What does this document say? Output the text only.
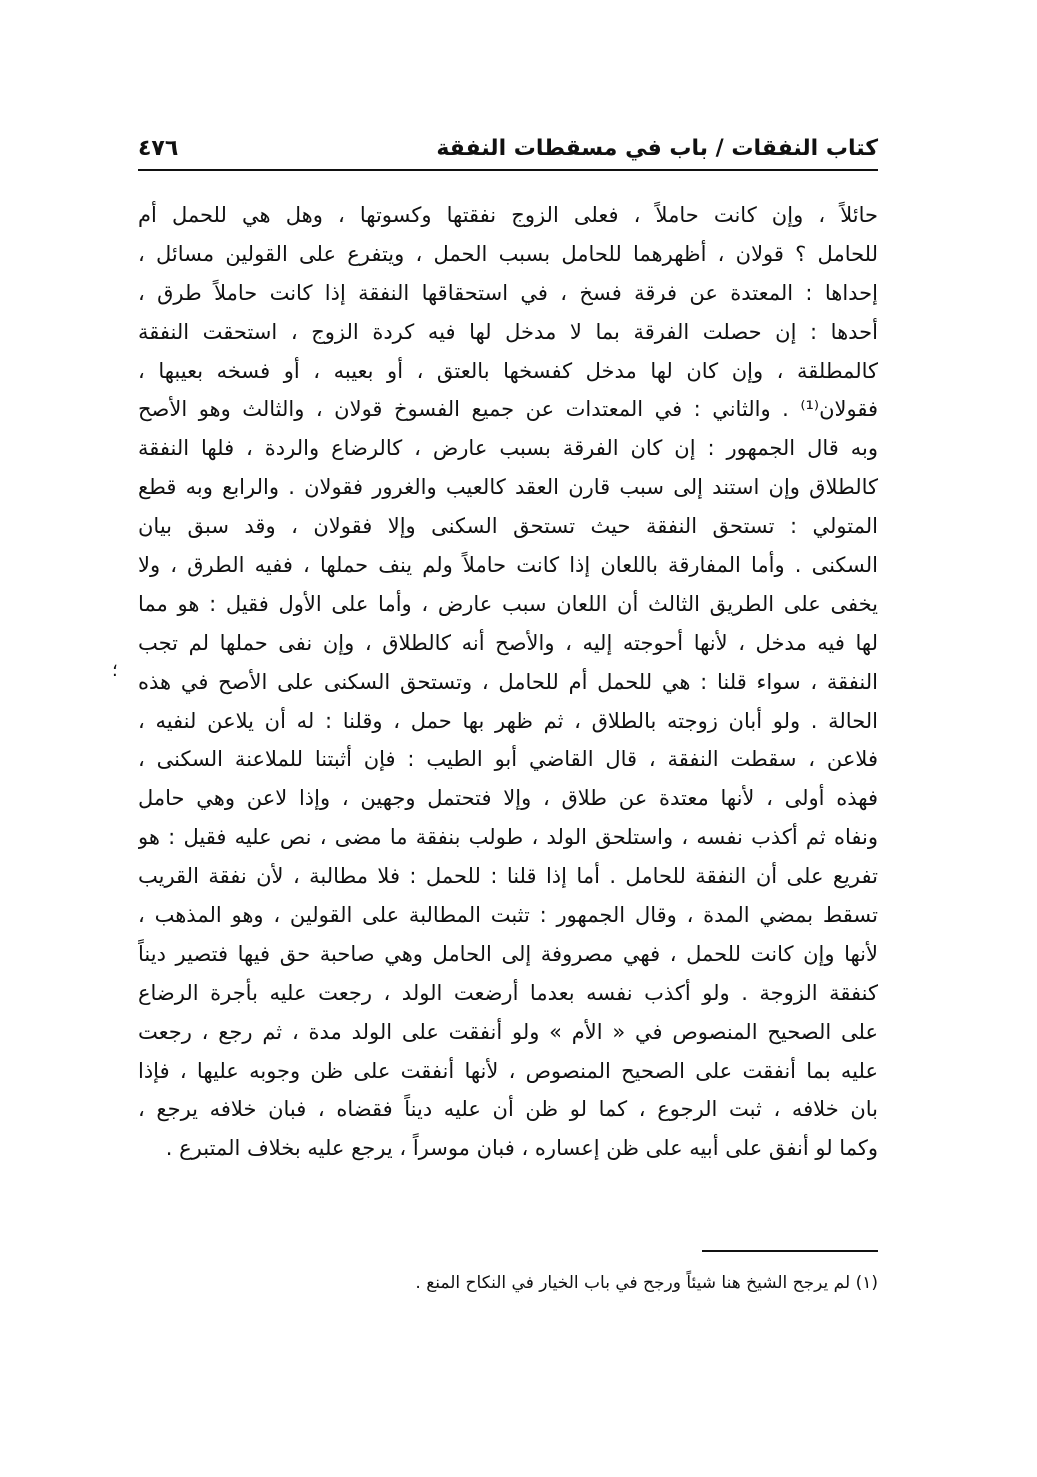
كتاب النفقات / باب في مسقطات النفقة
٤٧٦
حائلاً ، وإن كانت حاملاً ، فعلى الزوج نفقتها وكسوتها ، وهل هي للحمل أم
للحامل ؟ قولان ، أظهرهما للحامل بسبب الحمل ، ويتفرع على القولين مسائل ،
إحداها : المعتدة عن فرقة فسخ ، في استحقاقها النفقة إذا كانت حاملاً طرق ،
أحدها : إن حصلت الفرقة بما لا مدخل لها فيه كردة الزوج ، استحقت النفقة
كالمطلقة ، وإن كان لها مدخل كفسخها بالعتق ، أو بعيبه ، أو فسخه بعيبها ،
فقولان⁽¹⁾ . والثاني : في المعتدات عن جميع الفسوخ قولان ، والثالث وهو الأصح
وبه قال الجمهور : إن كان الفرقة بسبب عارض ، كالرضاع والردة ، فلها النفقة
كالطلاق وإن استند إلى سبب قارن العقد كالعيب والغرور فقولان . والرابع وبه قطع
المتولي : تستحق النفقة حيث تستحق السكنى وإلا فقولان ، وقد سبق بيان
السكنى . وأما المفارقة باللعان إذا كانت حاملاً ولم ينف حملها ، ففيه الطرق ، ولا
يخفى على الطريق الثالث أن اللعان سبب عارض ، وأما على الأول فقيل : هو مما
لها فيه مدخل ، لأنها أحوجته إليه ، والأصح أنه كالطلاق ، وإن نفى حملها لم تجب
النفقة ، سواء قلنا : هي للحمل أم للحامل ، وتستحق السكنى على الأصح في هذه
الحالة . ولو أبان زوجته بالطلاق ، ثم ظهر بها حمل ، وقلنا : له أن يلاعن لنفيه ،
فلاعن ، سقطت النفقة ، قال القاضي أبو الطيب : فإن أثبتنا للملاعنة السكنى ،
فهذه أولى ، لأنها معتدة عن طلاق ، وإلا فتحتمل وجهين ، وإذا لاعن وهي حامل
ونفاه ثم أكذب نفسه ، واستلحق الولد ، طولب بنفقة ما مضى ، نص عليه فقيل : هو
تفريع على أن النفقة للحامل . أما إذا قلنا : للحمل : فلا مطالبة ، لأن نفقة القريب
تسقط بمضي المدة ، وقال الجمهور : تثبت المطالبة على القولين ، وهو المذهب ،
لأنها وإن كانت للحمل ، فهي مصروفة إلى الحامل وهي صاحبة حق فيها فتصير ديناً
كنفقة الزوجة . ولو أكذب نفسه بعدما أرضعت الولد ، رجعت عليه بأجرة الرضاع
على الصحيح المنصوص في « الأم » ولو أنفقت على الولد مدة ، ثم رجع ، رجعت
عليه بما أنفقت على الصحيح المنصوص ، لأنها أنفقت على ظن وجوبه عليها ، فإذا
بان خلافه ، ثبت الرجوع ، كما لو ظن أن عليه ديناً فقضاه ، فبان خلافه يرجع ،
وكما لو أنفق على أبيه على ظن إعساره ، فبان موسراً ، يرجع عليه بخلاف المتبرع .
؛
(١) لم يرجح الشيخ هنا شيئاً ورجح في باب الخيار في النكاح المنع .
